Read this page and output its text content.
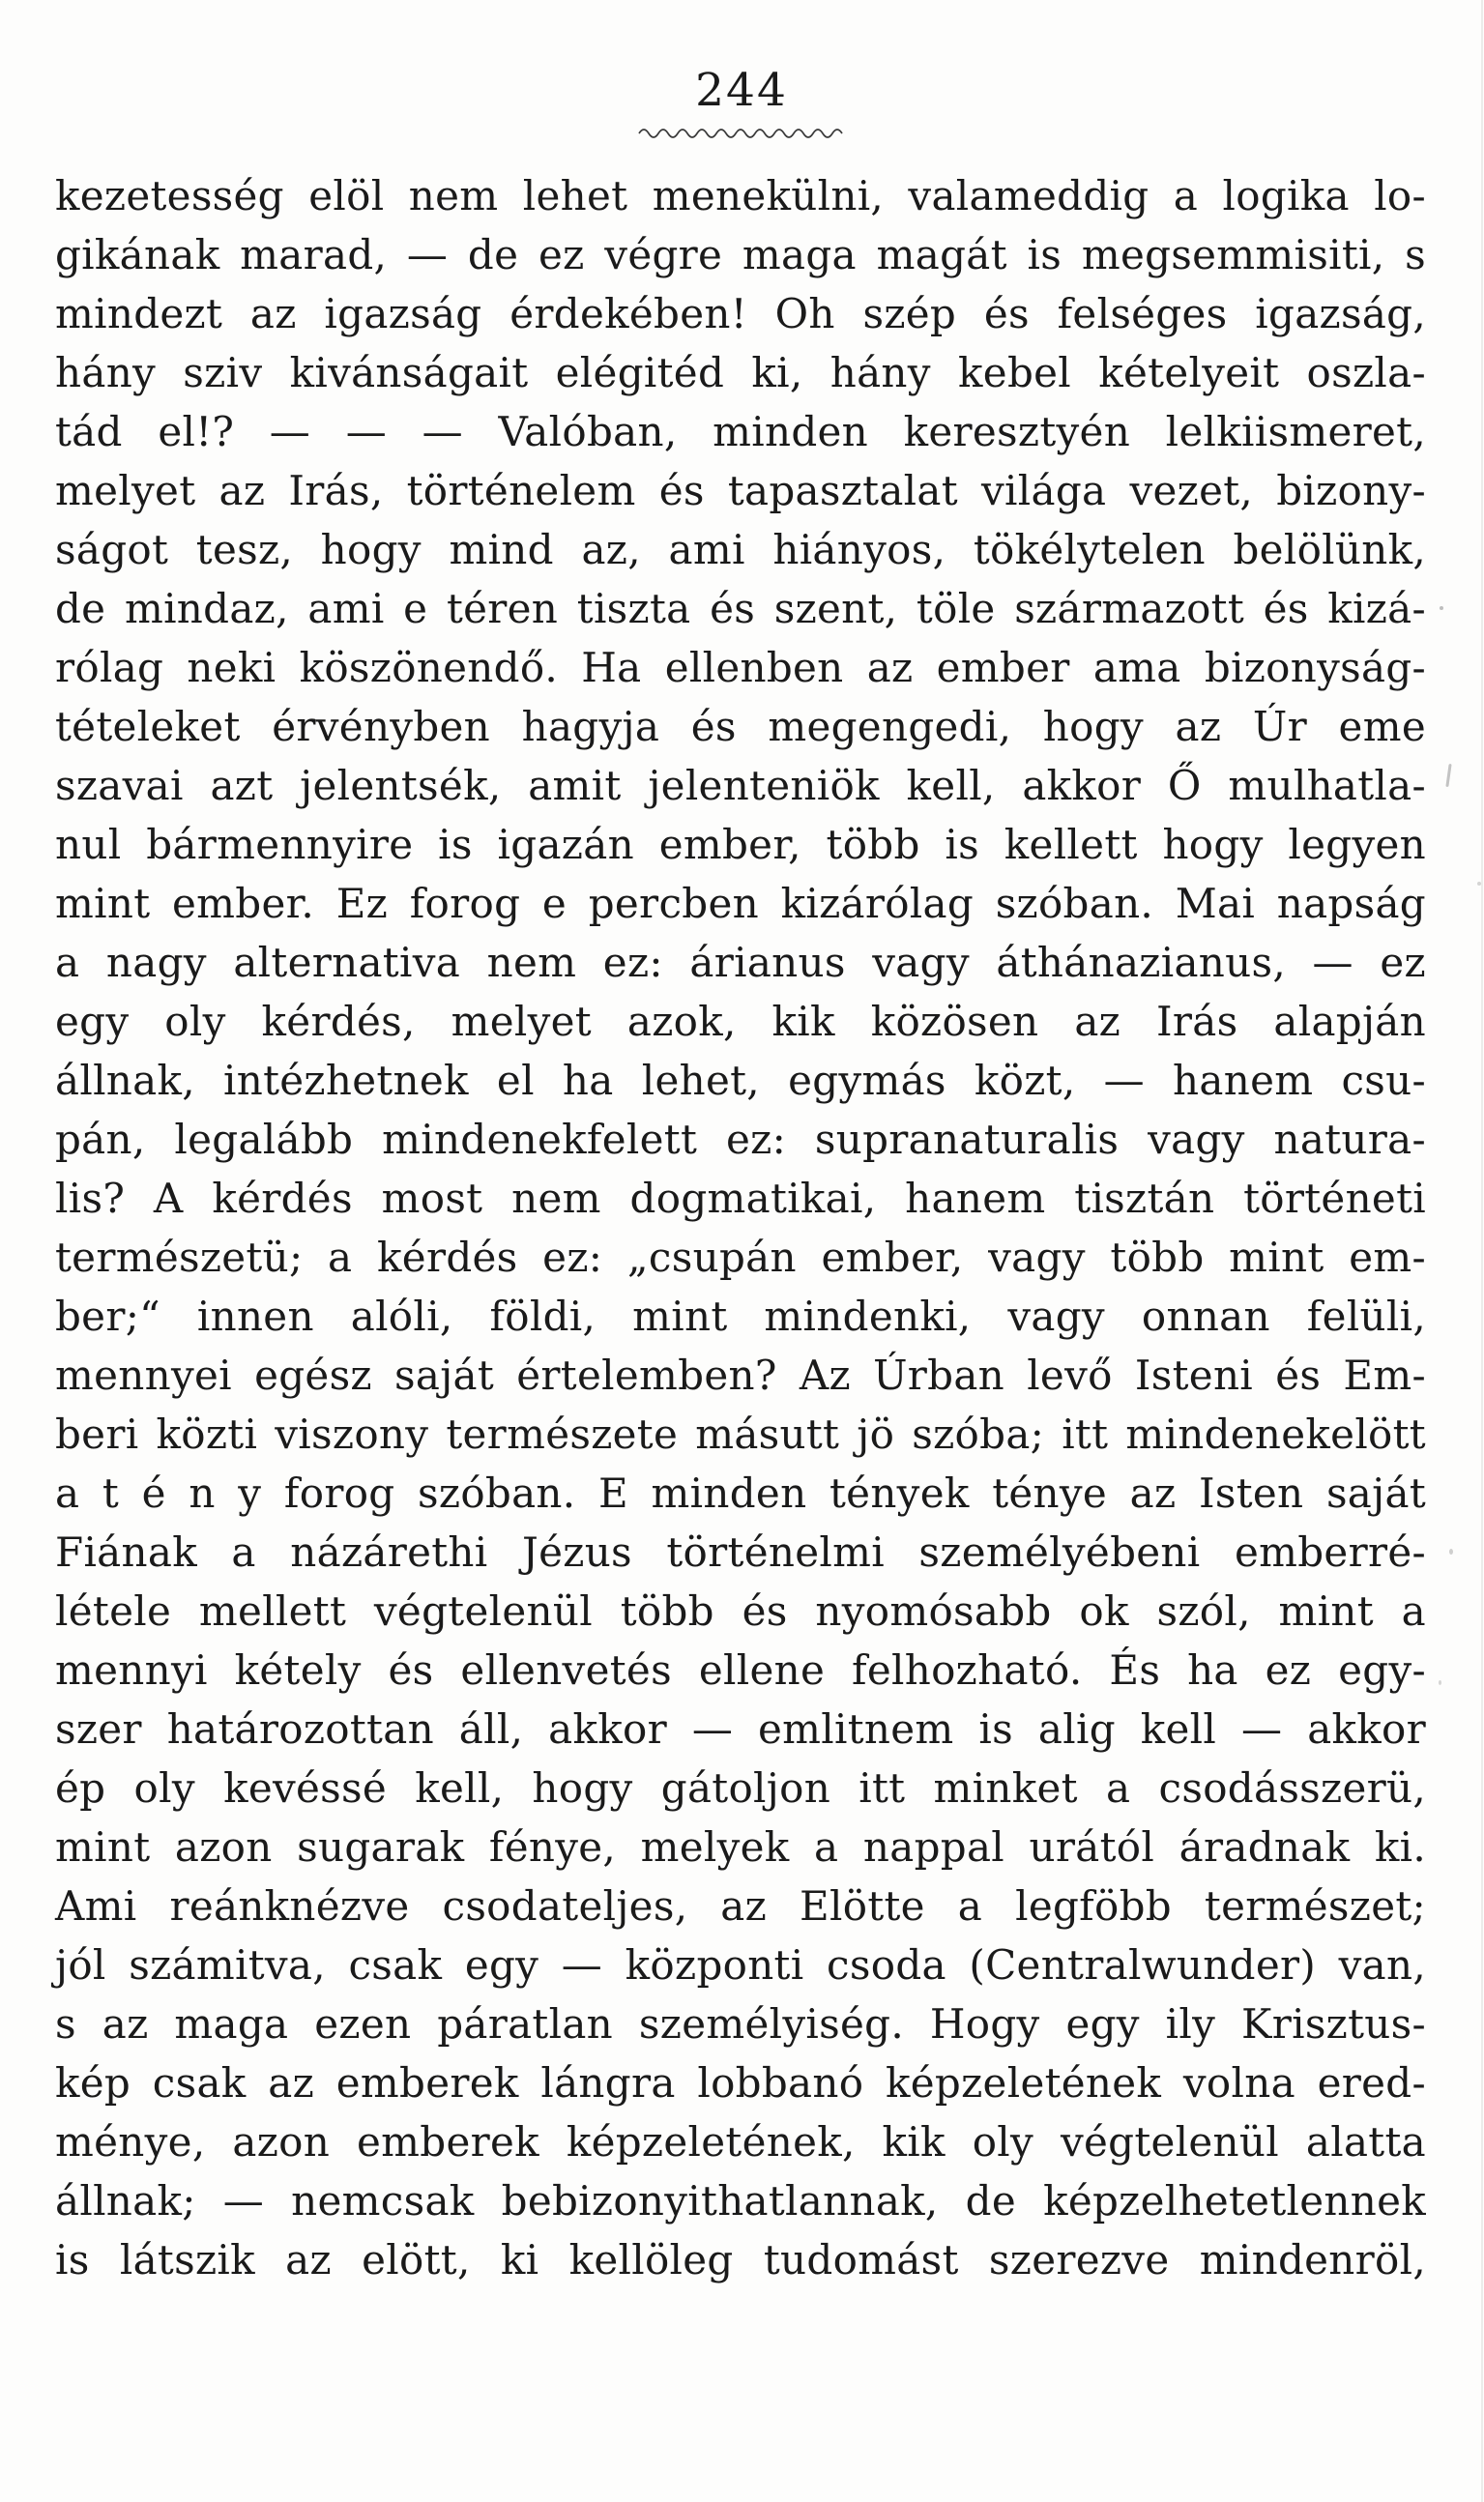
244
kezetesség elöl nem lehet menekülni, valameddig a logika lo-
gikának marad, — de ez végre maga magát is megsemmisiti, s
mindezt az igazság érdekében! Oh szép és felséges igazság,
hány sziv kivánságait elégitéd ki, hány kebel kételyeit oszla-
tád el!? — — — Valóban, minden keresztyén lelkiismeret,
melyet az Irás, történelem és tapasztalat világa vezet, bizony-
ságot tesz, hogy mind az, ami hiányos, tökélytelen belölünk,
de mindaz, ami e téren tiszta és szent, töle származott és kizá-
rólag neki köszönendő. Ha ellenben az ember ama bizonyság-
tételeket érvényben hagyja és megengedi, hogy az Úr eme
szavai azt jelentsék, amit jelenteniök kell, akkor Ő mulhatla-
nul bármennyire is igazán ember, több is kellett hogy legyen
mint ember. Ez forog e percben kizárólag szóban. Mai napság
a nagy alternativa nem ez: árianus vagy áthánazianus, — ez
egy oly kérdés, melyet azok, kik közösen az Irás alapján
állnak, intézhetnek el ha lehet, egymás közt, — hanem csu-
pán, legalább mindenekfelett ez: supranaturalis vagy natura-
lis? A kérdés most nem dogmatikai, hanem tisztán történeti
természetü; a kérdés ez: „csupán ember, vagy több mint em-
ber;“ innen alóli, földi, mint mindenki, vagy onnan felüli,
mennyei egész saját értelemben? Az Úrban levő Isteni és Em-
beri közti viszony természete másutt jö szóba; itt mindenekelött
a t é n y forog szóban. E minden tények ténye az Isten saját
Fiának a názárethi Jézus történelmi személyébeni emberré-
létele mellett végtelenül több és nyomósabb ok szól, mint a
mennyi kétely és ellenvetés ellene felhozható. És ha ez egy-
szer határozottan áll, akkor — emlitnem is alig kell — akkor
ép oly kevéssé kell, hogy gátoljon itt minket a csodásszerü,
mint azon sugarak fénye, melyek a nappal urától áradnak ki.
Ami reánknézve csodateljes, az Elötte a legföbb természet;
jól számitva, csak egy — központi csoda (Centralwunder) van,
s az maga ezen páratlan személyiség. Hogy egy ily Krisztus-
kép csak az emberek lángra lobbanó képzeletének volna ered-
ménye, azon emberek képzeletének, kik oly végtelenül alatta
állnak; — nemcsak bebizonyithatlannak, de képzelhetetlennek
is látszik az elött, ki kellöleg tudomást szerezve mindenröl,
